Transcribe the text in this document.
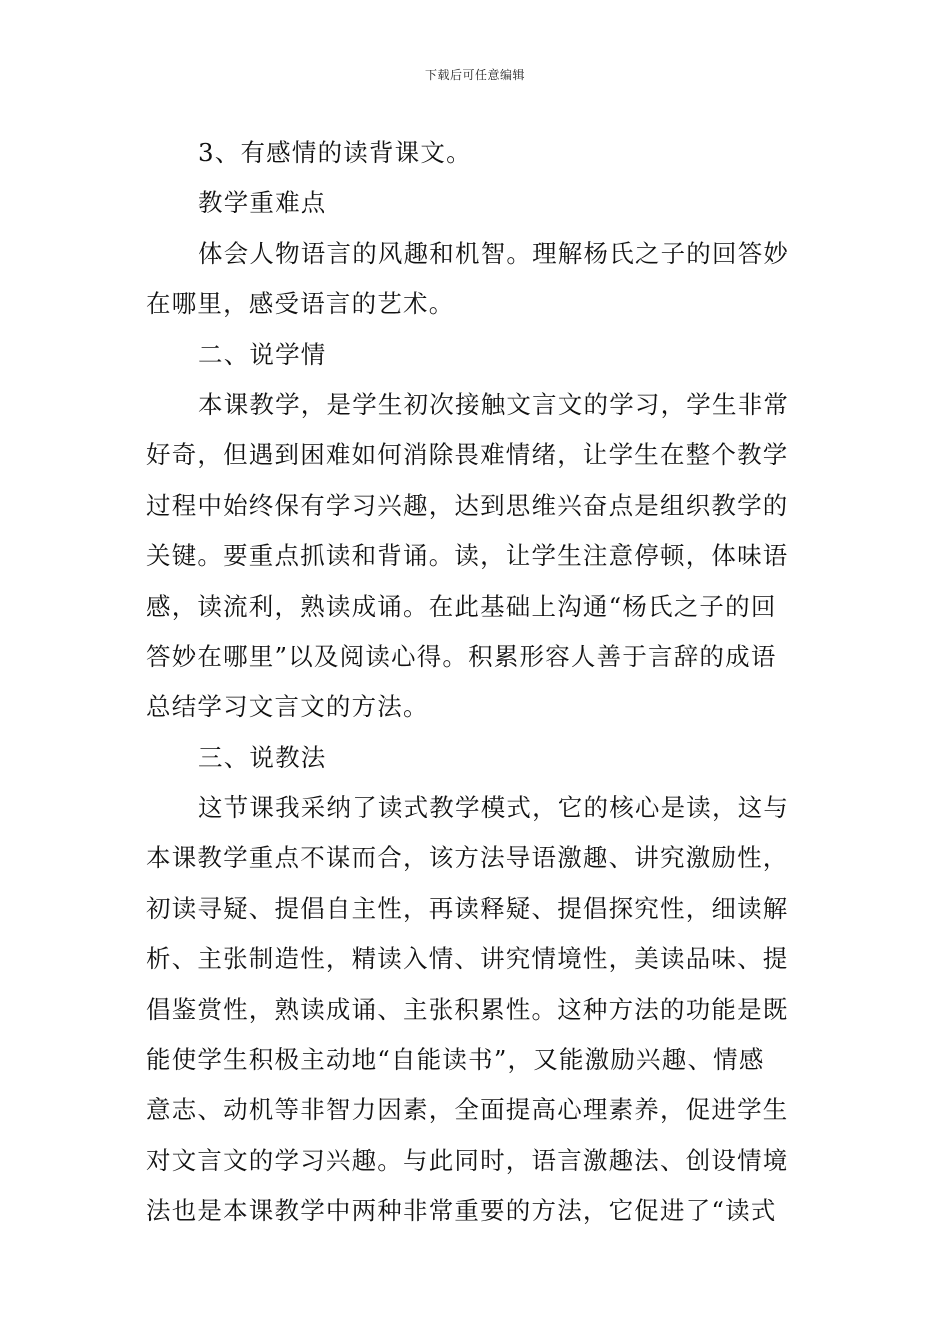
下载后可任意编辑
3、有感情的读背课文。
教学重难点
体会人物语言的风趣和机智。理解杨氏之子的回答妙
在哪里，感受语言的艺术。
二、说学情
本课教学，是学生初次接触文言文的学习，学生非常
好奇，但遇到困难如何消除畏难情绪，让学生在整个教学
过程中始终保有学习兴趣，达到思维兴奋点是组织教学的
关键。要重点抓读和背诵。读，让学生注意停顿，体味语
感，读流利，熟读成诵。在此基础上沟通“杨氏之子的回
答妙在哪里”以及阅读心得。积累形容人善于言辞的成语
总结学习文言文的方法。
三、说教法
这节课我采纳了读式教学模式，它的核心是读，这与
本课教学重点不谋而合，该方法导语激趣、讲究激励性，
初读寻疑、提倡自主性，再读释疑、提倡探究性，细读解
析、主张制造性，精读入情、讲究情境性，美读品味、提
倡鉴赏性，熟读成诵、主张积累性。这种方法的功能是既
能使学生积极主动地“自能读书”，又能激励兴趣、情感
意志、动机等非智力因素，全面提高心理素养，促进学生
对文言文的学习兴趣。与此同时，语言激趣法、创设情境
法也是本课教学中两种非常重要的方法，它促进了“读式
